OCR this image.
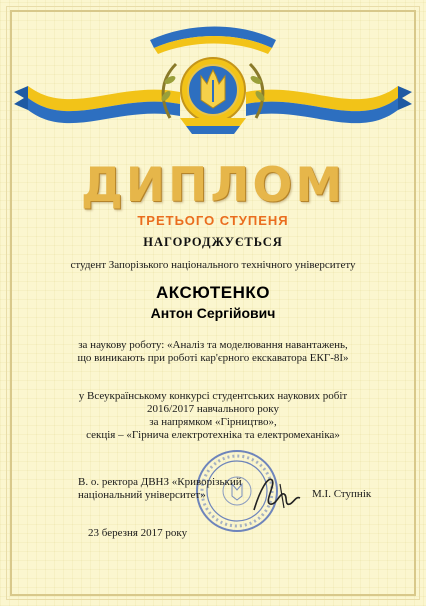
ДИПЛОМ
ТРЕТЬОГО СТУПЕНЯ
НАГОРОДЖУЄТЬСЯ
студент Запорізького національного технічного університету
АКСЮТЕНКО
Антон Сергійович
за наукову роботу: «Аналіз та моделювання навантажень,
що виникають при роботі кар'єрного екскаватора ЕКГ-8І»
у Всеукраїнському конкурсі студентських наукових робіт
2016/2017 навчального року
за напрямком «Гірництво»,
секція – «Гірнича електротехніка та електромеханіка»
В. о. ректора ДВНЗ «Криворізький
національний університет»	М.І. Ступнік
23 березня 2017 року
